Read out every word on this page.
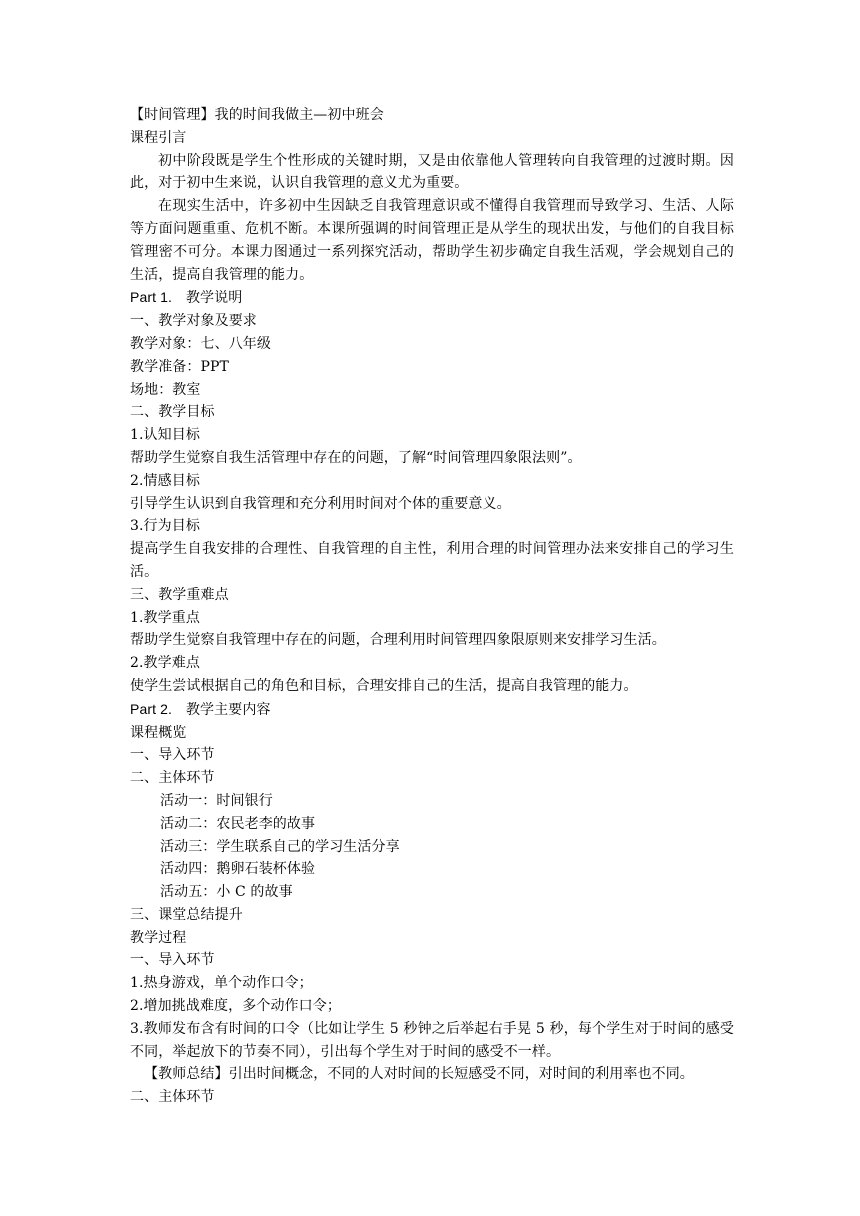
【时间管理】我的时间我做主—初中班会
课程引言
初中阶段既是学生个性形成的关键时期，又是由依靠他人管理转向自我管理的过渡时期。因此，对于初中生来说，认识自我管理的意义尤为重要。
在现实生活中，许多初中生因缺乏自我管理意识或不懂得自我管理而导致学习、生活、人际等方面问题重重、危机不断。本课所强调的时间管理正是从学生的现状出发，与他们的自我目标管理密不可分。本课力图通过一系列探究活动，帮助学生初步确定自我生活观，学会规划自己的生活，提高自我管理的能力。
Part 1. 教学说明
一、教学对象及要求
教学对象：七、八年级
教学准备：PPT
场地：教室
二、教学目标
1.认知目标
帮助学生觉察自我生活管理中存在的问题，了解“时间管理四象限法则”。
2.情感目标
引导学生认识到自我管理和充分利用时间对个体的重要意义。
3.行为目标
提高学生自我安排的合理性、自我管理的自主性，利用合理的时间管理办法来安排自己的学习生活。
三、教学重难点
1.教学重点
帮助学生觉察自我管理中存在的问题，合理利用时间管理四象限原则来安排学习生活。
2.教学难点
使学生尝试根据自己的角色和目标，合理安排自己的生活，提高自我管理的能力。
Part 2. 教学主要内容
课程概览
一、导入环节
二、主体环节
活动一：时间银行
活动二：农民老李的故事
活动三：学生联系自己的学习生活分享
活动四：鹅卵石装杯体验
活动五：小 C 的故事
三、课堂总结提升
教学过程
一、导入环节
1.热身游戏，单个动作口令；
2.增加挑战难度，多个动作口令；
3.教师发布含有时间的口令（比如让学生 5 秒钟之后举起右手晃 5 秒，每个学生对于时间的感受不同，举起放下的节奏不同），引出每个学生对于时间的感受不一样。
【教师总结】引出时间概念，不同的人对时间的长短感受不同，对时间的利用率也不同。
二、主体环节
